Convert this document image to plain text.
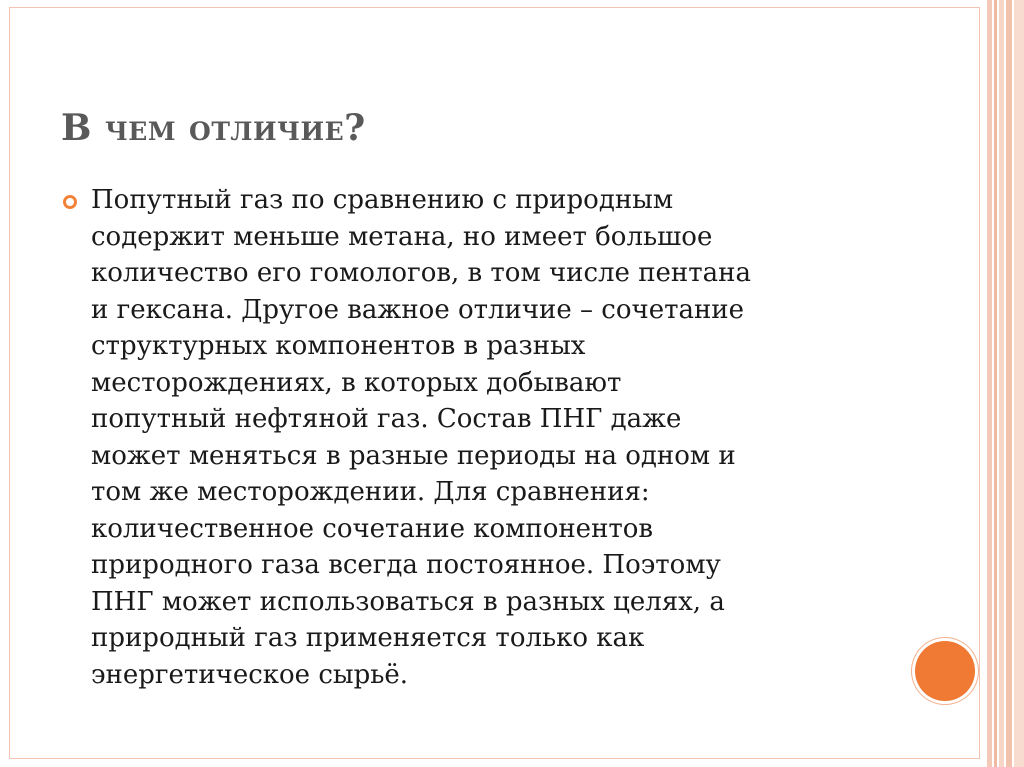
В чем отличие?

Попутный газ по сравнению с природным
содержит меньше метана, но имеет большое
количество его гомологов, в том числе пентана
и гексана. Другое важное отличие – сочетание
структурных компонентов в разных
месторождениях, в которых добывают
попутный нефтяной газ. Состав ПНГ даже
может меняться в разные периоды на одном и
том же месторождении. Для сравнения:
количественное сочетание компонентов
природного газа всегда постоянное. Поэтому
ПНГ может использоваться в разных целях, а
природный газ применяется только как
энергетическое сырьё.
